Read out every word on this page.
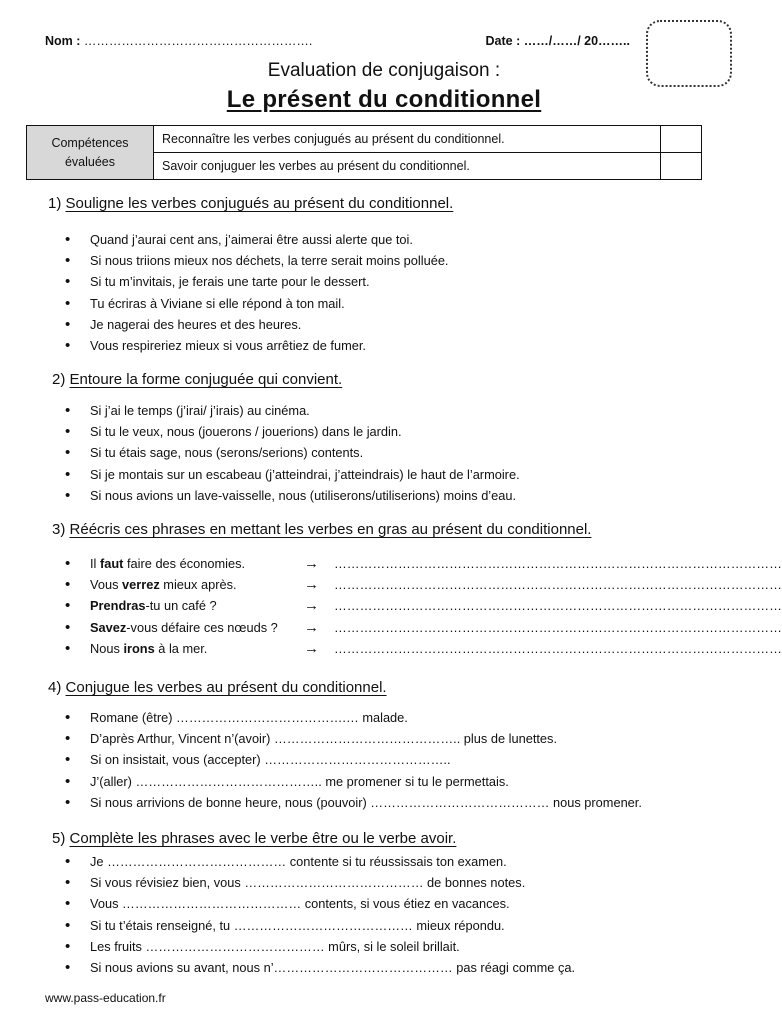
Nom : ……………………………………………….	Date : ……/……/ 20……..
Evaluation de conjugaison :
Le présent du conditionnel
Compétences évaluées	Reconnaître les verbes conjugués au présent du conditionnel.	
	Savoir conjuguer les verbes au présent du conditionnel.	
1) Souligne les verbes conjugués au présent du conditionnel.
• Quand j’aurai cent ans, j’aimerai être aussi alerte que toi.
• Si nous triions mieux nos déchets, la terre serait moins polluée.
• Si tu m’invitais, je ferais une tarte pour le dessert.
• Tu écriras à Viviane si elle répond à ton mail.
• Je nagerai des heures et des heures.
• Vous respireriez mieux si vous arrêtiez de fumer.
2) Entoure la forme conjuguée qui convient.
• Si j’ai le temps (j’irai/ j’irais) au cinéma.
• Si tu le veux, nous (jouerons / jouerions) dans le jardin.
• Si tu étais sage, nous (serons/serions) contents.
• Si je montais sur un escabeau (j’atteindrai, j’atteindrais) le haut de l’armoire.
• Si nous avions un lave-vaisselle, nous (utiliserons/utiliserions) moins d’eau.
3) Réécris ces phrases en mettant les verbes en gras au présent du conditionnel.
• Il faut faire des économies.	→ ……………………………………………………………………………………………
• Vous verrez mieux après.	→ ……………………………………………………………………………………………
• Prendras-tu un café ?	→ ……………………………………………………………………………………………
• Savez-vous défaire ces nœuds ? → ……………………………………………………………………………………………
• Nous irons à la mer.	→ ……………………………………………………………………………………………
4) Conjugue les verbes au présent du conditionnel.
• Romane (être) ………………………………….… malade.
• D’après Arthur, Vincent n’(avoir) …………………………………….. plus de lunettes.
• Si on insistait, vous (accepter) ……………………………………..
• J’(aller) …………………………………….. me promener si tu le permettais.
• Si nous arrivions de bonne heure, nous (pouvoir) …………………………………… nous promener.
5) Complète les phrases avec le verbe être ou le verbe avoir.
• Je …………………………………… contente si tu réussissais ton examen.
• Si vous révisiez bien, vous …………………………………… de bonnes notes.
• Vous …………………………………… contents, si vous étiez en vacances.
• Si tu t’étais renseigné, tu …………………………………… mieux répondu.
• Les fruits …………………………………… mûrs, si le soleil brillait.
• Si nous avions su avant, nous n’…………………………………… pas réagi comme ça.
www.pass-education.fr
